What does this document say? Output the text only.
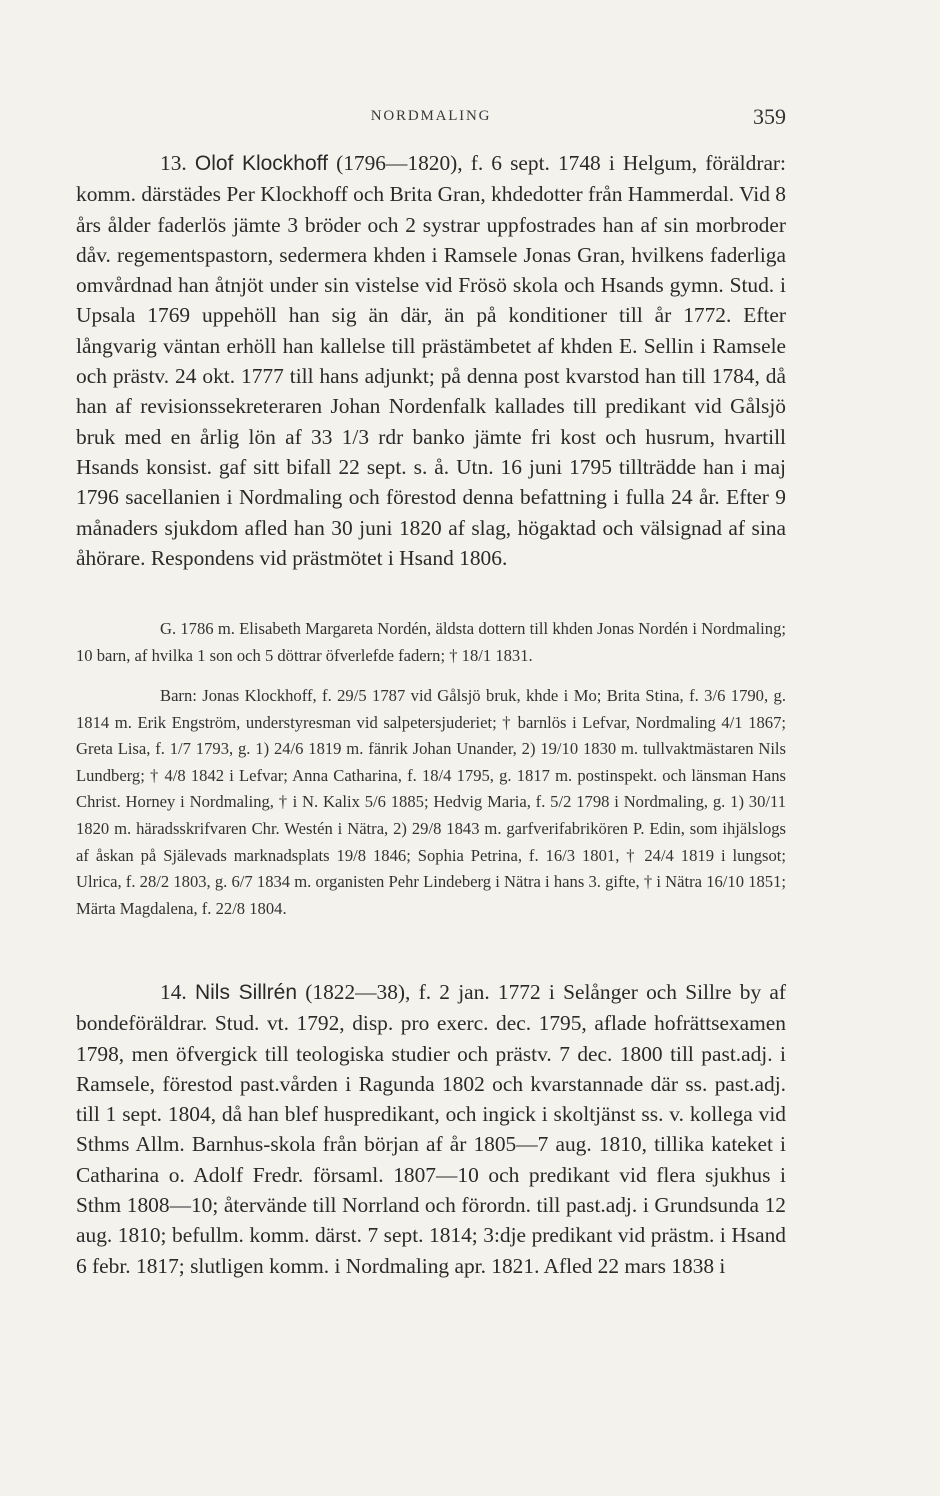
NORDMALING	359

13. Olof Klockhoff (1796—1820), f. 6 sept. 1748 i Helgum, föräldrar: komm. därstädes Per Klockhoff och Brita Gran, khdedotter från Hammerdal. Vid 8 års ålder faderlös jämte 3 bröder och 2 systrar uppfostrades han af sin morbroder dåv. regementspastorn, sedermera khden i Ramsele Jonas Gran, hvilkens faderliga omvårdnad han åtnjöt under sin vistelse vid Frösö skola och Hsands gymn. Stud. i Upsala 1769 uppehöll han sig än där, än på konditioner till år 1772. Efter långvarig väntan erhöll han kallelse till prästämbetet af khden E. Sellin i Ramsele och prästv. 24 okt. 1777 till hans adjunkt; på denna post kvarstod han till 1784, då han af revisionssekreteraren Johan Nordenfalk kallades till predikant vid Gålsjö bruk med en årlig lön af 33 1/3 rdr banko jämte fri kost och husrum, hvartill Hsands konsist. gaf sitt bifall 22 sept. s. å. Utn. 16 juni 1795 tillträdde han i maj 1796 sacellanien i Nordmaling och förestod denna befattning i fulla 24 år. Efter 9 månaders sjukdom afled han 30 juni 1820 af slag, högaktad och välsignad af sina åhörare. Respondens vid prästmötet i Hsand 1806.

G. 1786 m. Elisabeth Margareta Nordén, äldsta dottern till khden Jonas Nordén i Nordmaling; 10 barn, af hvilka 1 son och 5 döttrar öfverlefde fadern; † 18/1 1831.

Barn: Jonas Klockhoff, f. 29/5 1787 vid Gålsjö bruk, khde i Mo; Brita Stina, f. 3/6 1790, g. 1814 m. Erik Engström, understyresman vid salpetersjuderiet; † barnlös i Lefvar, Nordmaling 4/1 1867; Greta Lisa, f. 1/7 1793, g. 1) 24/6 1819 m. fänrik Johan Unander, 2) 19/10 1830 m. tullvaktmästaren Nils Lundberg; † 4/8 1842 i Lefvar; Anna Catharina, f. 18/4 1795, g. 1817 m. postinspekt. och länsman Hans Christ. Horney i Nordmaling, † i N. Kalix 5/6 1885; Hedvig Maria, f. 5/2 1798 i Nordmaling, g. 1) 30/11 1820 m. häradsskrifvaren Chr. Westén i Nätra, 2) 29/8 1843 m. garfverifabrikören P. Edin, som ihjälslogs af åskan på Själevads marknadsplats 19/8 1846; Sophia Petrina, f. 16/3 1801, † 24/4 1819 i lungsot; Ulrica, f. 28/2 1803, g. 6/7 1834 m. organisten Pehr Lindeberg i Nätra i hans 3. gifte, † i Nätra 16/10 1851; Märta Magdalena, f. 22/8 1804.

14. Nils Sillrén (1822—38), f. 2 jan. 1772 i Selånger och Sillre by af bondeföräldrar. Stud. vt. 1792, disp. pro exerc. dec. 1795, aflade hofrättsexamen 1798, men öfvergick till teologiska studier och prästv. 7 dec. 1800 till past.adj. i Ramsele, förestod past.vården i Ragunda 1802 och kvarstannade där ss. past.adj. till 1 sept. 1804, då han blef huspredikant, och ingick i skoltjänst ss. v. kollega vid Sthms Allm. Barnhus-skola från början af år 1805—7 aug. 1810, tillika kateket i Catharina o. Adolf Fredr. församl. 1807—10 och predikant vid flera sjukhus i Sthm 1808—10; återvände till Norrland och förordn. till past.adj. i Grundsunda 12 aug. 1810; befullm. komm. därst. 7 sept. 1814; 3:dje predikant vid prästm. i Hsand 6 febr. 1817; slutligen komm. i Nordmaling apr. 1821. Afled 22 mars 1838 i
